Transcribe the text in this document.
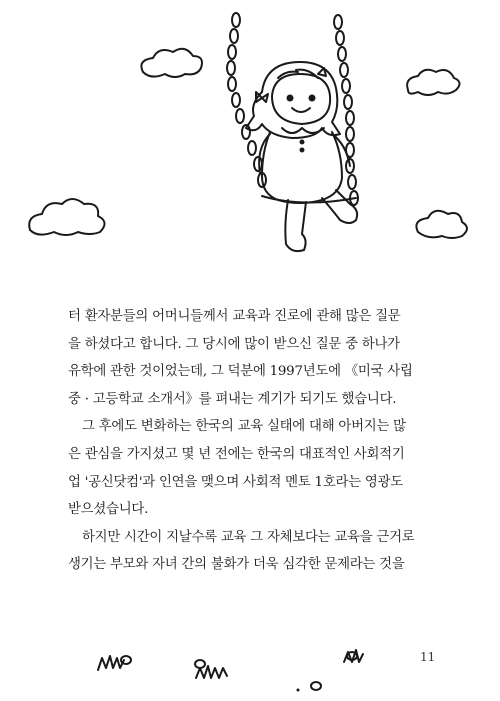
터 환자분들의 어머니들께서 교육과 진로에 관해 많은 질문
을 하셨다고 합니다. 그 당시에 많이 받으신 질문 중 하나가
유학에 관한 것이었는데, 그 덕분에 1997년도에 《미국 사립
중 · 고등학교 소개서》를 펴내는 계기가 되기도 했습니다.
그 후에도 변화하는 한국의 교육 실태에 대해 아버지는 많
은 관심을 가지셨고 몇 년 전에는 한국의 대표적인 사회적기
업 '공신닷컴'과 인연을 맺으며 사회적 멘토 1호라는 영광도
받으셨습니다.
하지만 시간이 지날수록 교육 그 자체보다는 교육을 근거로
생기는 부모와 자녀 간의 불화가 더욱 심각한 문제라는 것을
11
